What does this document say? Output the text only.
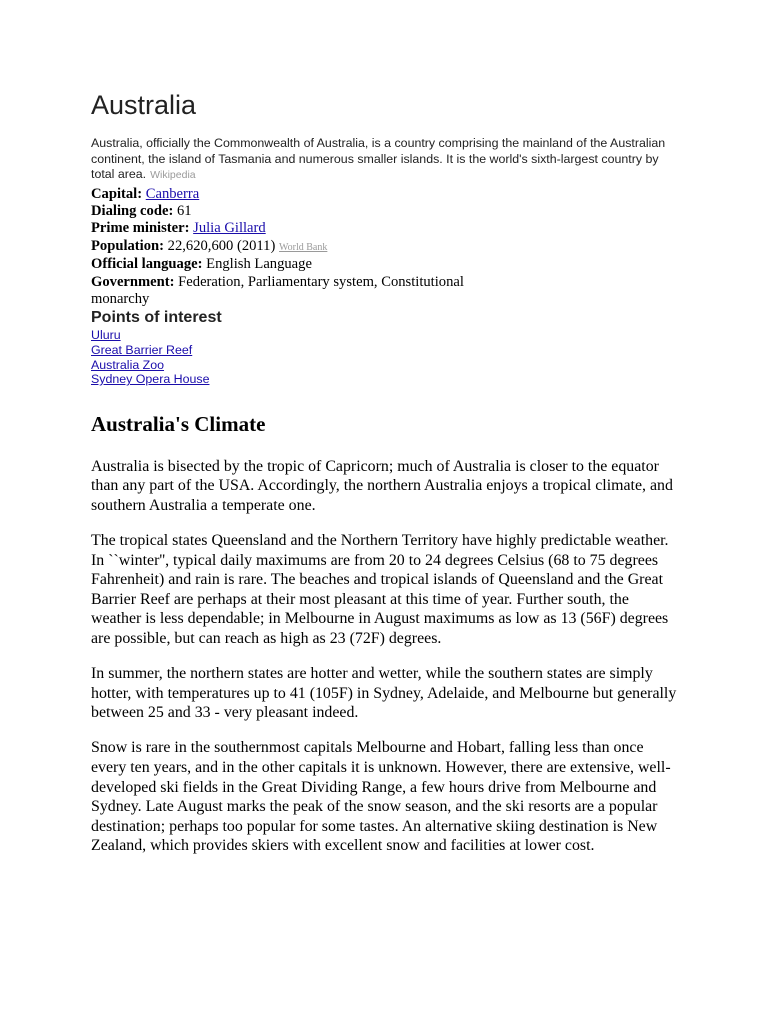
Australia

Australia, officially the Commonwealth of Australia, is a country comprising the mainland of the Australian continent, the island of Tasmania and numerous smaller islands. It is the world's sixth-largest country by total area. Wikipedia

Capital: Canberra
Dialing code: 61
Prime minister: Julia Gillard
Population: 22,620,600 (2011) World Bank
Official language: English Language
Government: Federation, Parliamentary system, Constitutional monarchy
Points of interest
Uluru
Great Barrier Reef
Australia Zoo
Sydney Opera House
Australia's Climate

Australia is bisected by the tropic of Capricorn; much of Australia is closer to the equator than any part of the USA. Accordingly, the northern Australia enjoys a tropical climate, and southern Australia a temperate one.

The tropical states Queensland and the Northern Territory have highly predictable weather. In ``winter'', typical daily maximums are from 20 to 24 degrees Celsius (68 to 75 degrees Fahrenheit) and rain is rare. The beaches and tropical islands of Queensland and the Great Barrier Reef are perhaps at their most pleasant at this time of year. Further south, the weather is less dependable; in Melbourne in August maximums as low as 13 (56F) degrees are possible, but can reach as high as 23 (72F) degrees.

In summer, the northern states are hotter and wetter, while the southern states are simply hotter, with temperatures up to 41 (105F) in Sydney, Adelaide, and Melbourne but generally between 25 and 33 - very pleasant indeed.

Snow is rare in the southernmost capitals Melbourne and Hobart, falling less than once every ten years, and in the other capitals it is unknown. However, there are extensive, well-developed ski fields in the Great Dividing Range, a few hours drive from Melbourne and Sydney. Late August marks the peak of the snow season, and the ski resorts are a popular destination; perhaps too popular for some tastes. An alternative skiing destination is New Zealand, which provides skiers with excellent snow and facilities at lower cost.
